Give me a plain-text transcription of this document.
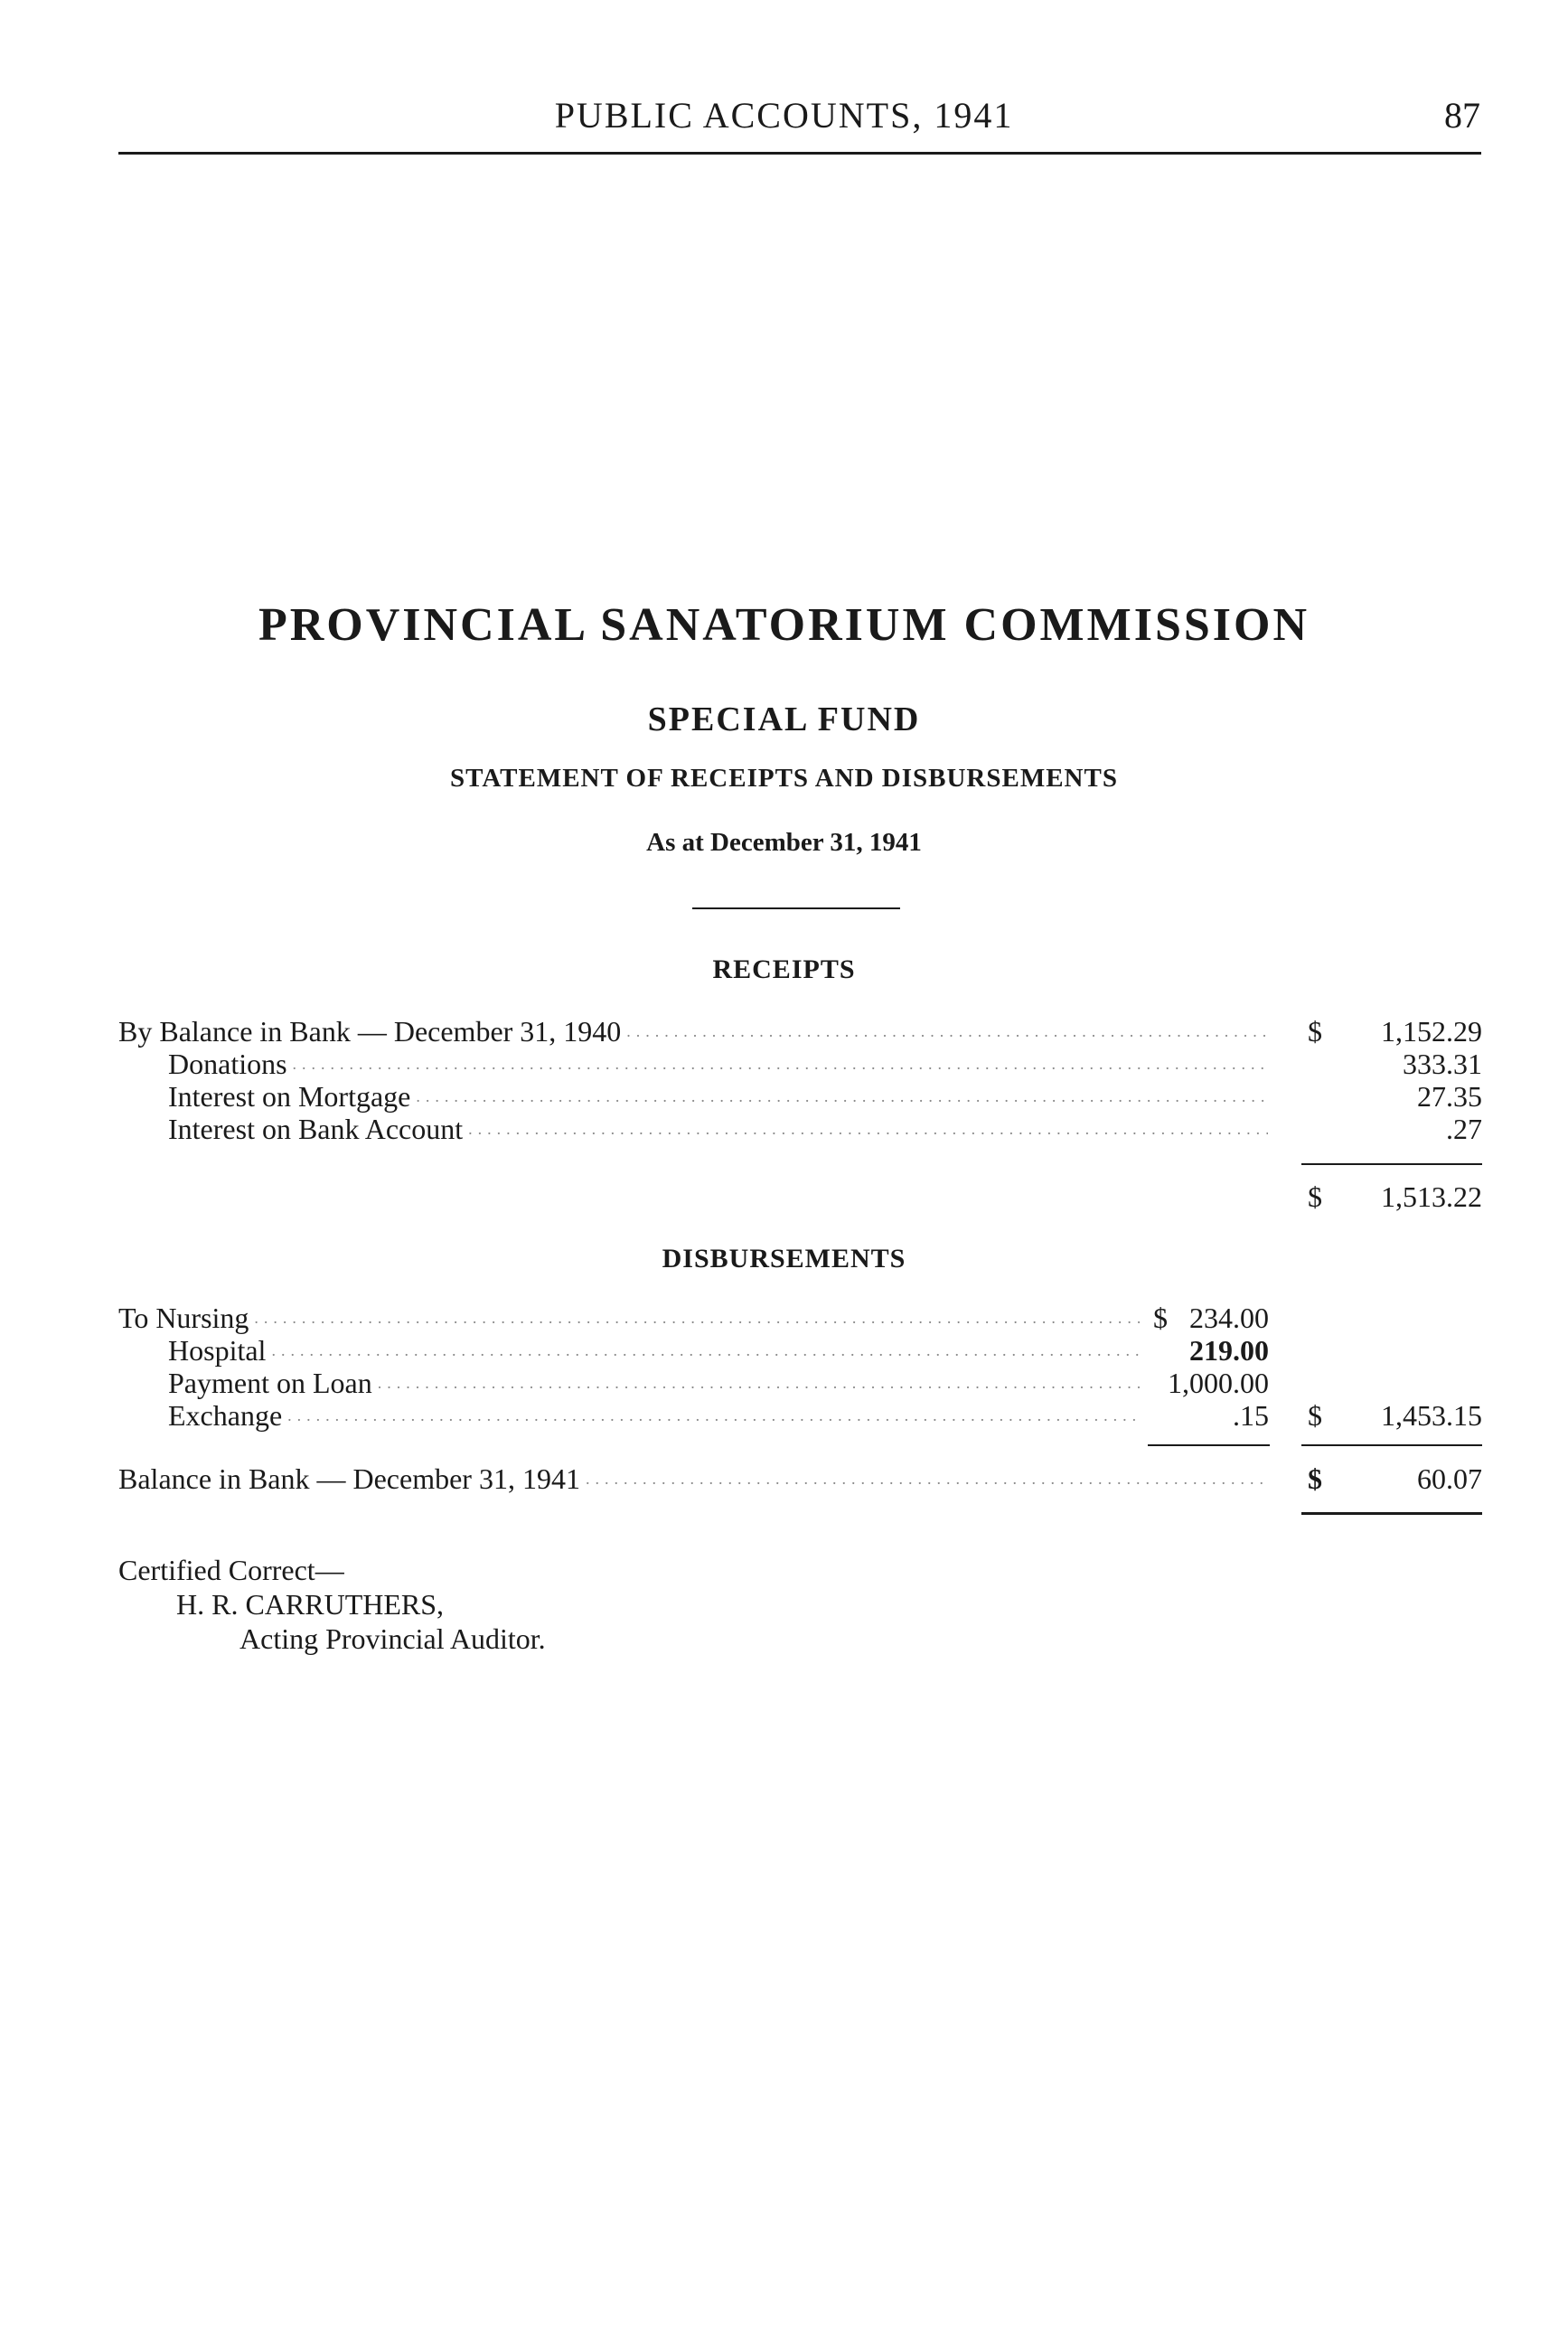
PUBLIC ACCOUNTS, 1941	87
PROVINCIAL SANATORIUM COMMISSION
SPECIAL FUND
STATEMENT OF RECEIPTS AND DISBURSEMENTS
As at December 31, 1941
RECEIPTS
By Balance in Bank — December 31, 1940 .....	$	1,152.29
Donations .....	333.31
Interest on Mortgage .....	27.35
Interest on Bank Account .....	.27
$	1,513.22
DISBURSEMENTS
To Nursing .....	$ 234.00
Hospital .....	219.00
Payment on Loan .....	1,000.00
Exchange .....	.15 $	1,453.15
Balance in Bank — December 31, 1941 .....	$	60.07
Certified Correct—
H. R. CARRUTHERS,
Acting Provincial Auditor.
